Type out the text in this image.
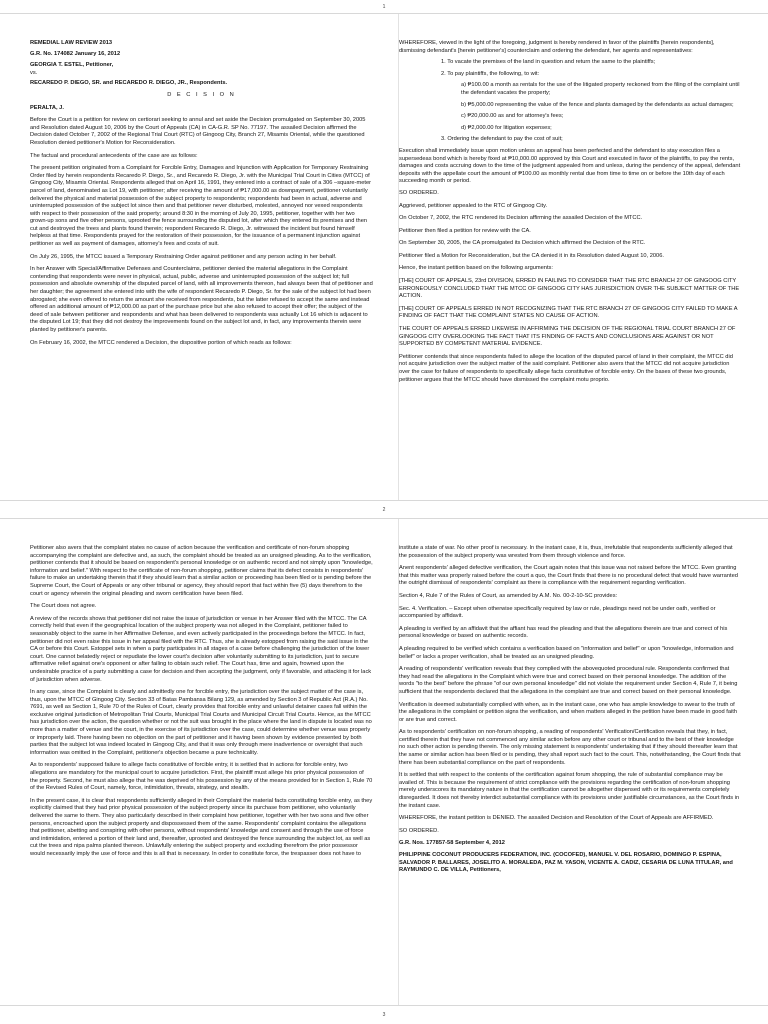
1

REMEDIAL LAW REVIEW 2013

G.R. No. 174082 January 16, 2012

GEORGIA T. ESTEL, Petitioner,

vs.

RECAREDO P. DIEGO, SR. and RECAREDO R. DIEGO, JR., Respondents.

D E C I S I O N

PERALTA, J.

Before the Court is a petition for review on certiorari seeking to annul and set aside the Decision promulgated on September 30, 2005 and Resolution dated August 10, 2006 by the Court of Appeals (CA) in CA-G.R. SP No. 77197. The assailed Decision affirmed the Decision dated October 7, 2002 of the Regional Trial Court (RTC) of Gingoog City, Branch 27, Misamis Oriental, while the questioned Resolution denied petitioner's Motion for Reconsideration.

The factual and procedural antecedents of the case are as follows:

The present petition originated from a Complaint for Forcible Entry, Damages and Injunction with Application for Temporary Restraining Order filed by herein respondents Recaredo P. Diego, Sr., and Recaredo R. Diego, Jr. with the Municipal Trial Court in Cities (MTCC) of Gingoog City, Misamis Oriental. Respondents alleged that on April 16, 1991, they entered into a contract of sale of a 306 –square-meter parcel of land, denominated as Lot 19, with petitioner; after receiving the amount of ₱17,000.00 as downpayment, petitioner voluntarily delivered the physical and material possession of the subject property to respondents; respondents had been in actual, adverse and uninterrupted possession of the subject lot since then and that petitioner never disturbed, molested, annoyed nor vexed respondents with respect to their possession of the said property; around 8:30 in the morning of July 20, 1995, petitioner, together with her two grown-up sons and five other persons, uprooted the fence surrounding the disputed lot, after which they entered its premises and then cut and destroyed the trees and plants found therein; respondent Recaredo R. Diego, Jr. witnessed the incident but found himself helpless at that time. Respondents prayed for the restoration of their possession, for the issuance of a permanent injunction against petitioner as well as payment of damages, attorney's fees and costs of suit.

On July 26, 1995, the MTCC issued a Temporary Restraining Order against petitioner and any person acting in her behalf.

In her Answer with Special/Affirmative Defenses and Counterclaims, petitioner denied the material allegations in the Complaint contending that respondents were never in physical, actual, public, adverse and uninterrupted possession of the subject lot; full possession and absolute ownership of the disputed parcel of land, with all improvements thereon, had always been that of petitioner and her daughter; the agreement she entered into with the wife of respondent Recaredo P. Diego, Sr. for the sale of the subject lot had been abrogated; she even offered to return the amount she received from respondents, but the latter refused to accept the same and instead offered an additional amount of ₱12,000.00 as part of the purchase price but she also refused to accept their offer; the subject of the deed of sale between petitioner and respondents and what has been delivered to respondents was actually Lot 16 which is adjacent to the disputed Lot 19; that they did not destroy the improvements found on the subject lot and, in fact, any improvements therein were planted by petitioner's parents.

On February 16, 2002, the MTCC rendered a Decision, the dispositive portion of which reads as follows:

WHEREFORE, viewed in the light of the foregoing, judgment is hereby rendered in favor of the plaintiffs [herein respondents], dismissing defendant's [herein petitioner's] counterclaim and ordering the defendant, her agents and representatives:

1. To vacate the premises of the land in question and return the same to the plaintiffs;

2. To pay plaintiffs, the following, to wit:

a) ₱100.00 a month as rentals for the use of the litigated property reckoned from the filing of the complaint until the defendant vacates the property;

b) ₱5,000.00 representing the value of the fence and plants damaged by the defendants as actual damages;

c) ₱20,000.00 as and for attorney's fees;

d) ₱2,000.00 for litigation expenses;

3. Ordering the defendant to pay the cost of suit;

Execution shall immediately issue upon motion unless an appeal has been perfected and the defendant to stay execution files a supersedeas bond which is hereby fixed at ₱10,000.00 approved by this Court and executed in favor of the plaintiffs, to pay the rents, damages and costs accruing down to the time of the judgment appealed from and unless, during the pendency of the appeal, defendant deposits with the appellate court the amount of ₱100.00 as monthly rental due from time to time on or before the 10th day of each succeeding month or period.

SO ORDERED.

Aggrieved, petitioner appealed to the RTC of Gingoog City.

On October 7, 2002, the RTC rendered its Decision affirming the assailed Decision of the MTCC.

Petitioner then filed a petition for review with the CA.

On September 30, 2005, the CA promulgated its Decision which affirmed the Decision of the RTC.

Petitioner filed a Motion for Reconsideration, but the CA denied it in its Resolution dated August 10, 2006.

Hence, the instant petition based on the following arguments:

[THE] COURT OF APPEALS, 23rd DIVISION, ERRED IN FAILING TO CONSIDER THAT THE RTC BRANCH 27 OF GINGOOG CITY ERRONEOUSLY CONCLUDED THAT THE MTCC OF GINGOOG CITY HAS JURISDICTION OVER THE SUBJECT MATTER OF THE ACTION.

[THE] COURT OF APPEALS ERRED IN NOT RECOGNIZING THAT THE RTC BRANCH 27 OF GINGOOG CITY FAILED TO MAKE A FINDING OF FACT THAT THE COMPLAINT STATES NO CAUSE OF ACTION.

THE COURT OF APPEALS ERRED LIKEWISE IN AFFIRMING THE DECISION OF THE REGIONAL TRIAL COURT BRANCH 27 OF GINGOOG CITY OVERLOOKING THE FACT THAT ITS FINDING OF FACTS AND CONCLUSIONS ARE AGAINST OR NOT SUPPORTED BY COMPETENT MATERIAL EVIDENCE.

Petitioner contends that since respondents failed to allege the location of the disputed parcel of land in their complaint, the MTCC did not acquire jurisdiction over the subject matter of the said complaint. Petitioner also avers that the MTCC did not acquire jurisdiction over the case for failure of respondents to specifically allege facts constitutive of forcible entry. On the bases of these two grounds, petitioner argues that the MTCC should have dismissed the complaint motu proprio.

2

Petitioner also avers that the complaint states no cause of action because the verification and certificate of non-forum shopping accompanying the complaint are defective and, as such, the complaint should be treated as an unsigned pleading. As to the verification, petitioner contends that it should be based on respondent's personal knowledge or on authentic record and not simply upon "knowledge, information and belief." With respect to the certificate of non-forum shopping, petitioner claims that its defect consists in respondents' failure to make an undertaking therein that if they should learn that a similar action or proceeding has been filed or is pending before the Supreme Court, the Court of Appeals or any other tribunal or agency, they should report that fact within five (5) days therefrom to the court or agency wherein the original pleading and sworn certification have been filed.

The Court does not agree.

A review of the records shows that petitioner did not raise the issue of jurisdiction or venue in her Answer filed with the MTCC. The CA correctly held that even if the geographical location of the subject property was not alleged in the Complaint, petitioner failed to seasonably object to the same in her Affirmative Defense, and even actively participated in the proceedings before the MTCC. In fact, petitioner did not even raise this issue in her appeal filed with the RTC. Thus, she is already estopped from raising the said issue in the CA or before this Court. Estoppel sets in when a party participates in all stages of a case before challenging the jurisdiction of the lower court. One cannot belatedly reject or repudiate the lower court's decision after voluntarily submitting to its jurisdiction, just to secure affirmative relief against one's opponent or after failing to obtain such relief. The Court has, time and again, frowned upon the undesirable practice of a party submitting a case for decision and then accepting the judgment, only if favorable, and attacking it for lack of jurisdiction when adverse.

In any case, since the Complaint is clearly and admittedly one for forcible entry, the jurisdiction over the subject matter of the case is, thus, upon the MTCC of Gingoog City. Section 33 of Batas Pambansa Bilang 129, as amended by Section 3 of Republic Act (R.A.) No. 7691, as well as Section 1, Rule 70 of the Rules of Court, clearly provides that forcible entry and unlawful detainer cases fall within the exclusive original jurisdiction of Metropolitan Trial Courts, Municipal Trial Courts and Municipal Circuit Trial Courts. Hence, as the MTCC has jurisdiction over the action, the question whether or not the suit was brought in the place where the land in dispute is located was no more than a matter of venue and the court, in the exercise of its jurisdiction over the case, could determine whether venue was properly or improperly laid. There having been no objection on the part of petitioner and it having been shown by evidence presented by both parties that the subject lot was indeed located in Gingoog City, and that it was only through mere inadvertence or oversight that such information was omitted in the Complaint, petitioner's objection became a pure technicality.

As to respondents' supposed failure to allege facts constitutive of forcible entry, it is settled that in actions for forcible entry, two allegations are mandatory for the municipal court to acquire jurisdiction. First, the plaintiff must allege his prior physical possession of the property. Second, he must also allege that he was deprived of his possession by any of the means provided for in Section 1, Rule 70 of the Revised Rules of Court, namely, force, intimidation, threats, strategy, and stealth.

In the present case, it is clear that respondents sufficiently alleged in their Complaint the material facts constituting forcible entry, as they explicitly claimed that they had prior physical possession of the subject property since its purchase from petitioner, who voluntarily delivered the same to them. They also particularly described in their complaint how petitioner, together with her two sons and five other persons, encroached upon the subject property and dispossessed them of the same. Respondents' complaint contains the allegations that petitioner, abetting and conspiring with other persons, without respondents' knowledge and consent and through the use of force and intimidation, entered a portion of their land and, thereafter, uprooted and destroyed the fence surrounding the subject lot, as well as cut the trees and nipa palms planted thereon. Unlawfully entering the subject property and excluding therefrom the prior possessor would necessarily imply the use of force and this is all that is necessary. In order to constitute force, the trespasser does not have to

institute a state of war. No other proof is necessary. In the instant case, it is, thus, irrefutable that respondents sufficiently alleged that the possession of the subject property was wrested from them through violence and force.

Anent respondents' alleged defective verification, the Court again notes that this issue was not raised before the MTCC. Even granting that this matter was properly raised before the court a quo, the Court finds that there is no procedural defect that would have warranted the outright dismissal of respondents' complaint as there is compliance with the requirement regarding verification.

Section 4, Rule 7 of the Rules of Court, as amended by A.M. No. 00-2-10-SC provides:

Sec. 4. Verification. – Except when otherwise specifically required by law or rule, pleadings need not be under oath, verified or accompanied by affidavit.

A pleading is verified by an affidavit that the affiant has read the pleading and that the allegations therein are true and correct of his personal knowledge or based on authentic records.

A pleading required to be verified which contains a verification based on "information and belief" or upon "knowledge, information and belief" or lacks a proper verification, shall be treated as an unsigned pleading.

A reading of respondents' verification reveals that they complied with the abovequoted procedural rule. Respondents confirmed that they had read the allegations in the Complaint which were true and correct based on their personal knowledge. The addition of the words "to the best" before the phrase "of our own personal knowledge" did not violate the requirement under Section 4, Rule 7, it being sufficient that the respondents declared that the allegations in the complaint are true and correct based on their personal knowledge.

Verification is deemed substantially complied with when, as in the instant case, one who has ample knowledge to swear to the truth of the allegations in the complaint or petition signs the verification, and when matters alleged in the petition have been made in good faith or are true and correct.

As to respondents' certification on non-forum shopping, a reading of respondents' Verification/Certification reveals that they, in fact, certified therein that they have not commenced any similar action before any other court or tribunal and to the best of their knowledge no such other action is pending therein. The only missing statement is respondents' undertaking that if they should thereafter learn that the same or similar action has been filed or is pending, they shall report such fact to the court. This, notwithstanding, the Court finds that there has been substantial compliance on the part of respondents.

It is settled that with respect to the contents of the certification against forum shopping, the rule of substantial compliance may be availed of. This is because the requirement of strict compliance with the provisions regarding the certification of non-forum shopping merely underscores its mandatory nature in that the certification cannot be altogether dispensed with or its requirements completely disregarded. It does not thereby interdict substantial compliance with its provisions under justifiable circumstances, as the Court finds in the instant case.

WHEREFORE, the instant petition is DENIED. The assailed Decision and Resolution of the Court of Appeals are AFFIRMED.

SO ORDERED.

G.R. Nos. 177857-58 September 4, 2012

PHILIPPINE COCONUT PRODUCERS FEDERATION, INC. (COCOFED), MANUEL V. DEL ROSARIO, DOMINGO P. ESPINA, SALVADOR P. BALLARES, JOSELITO A. MORALEDA, PAZ M. YASON, VICENTE A. CADIZ, CESARIA DE LUNA TITULAR, and RAYMUNDO C. DE VILLA, Petitioners,

3
